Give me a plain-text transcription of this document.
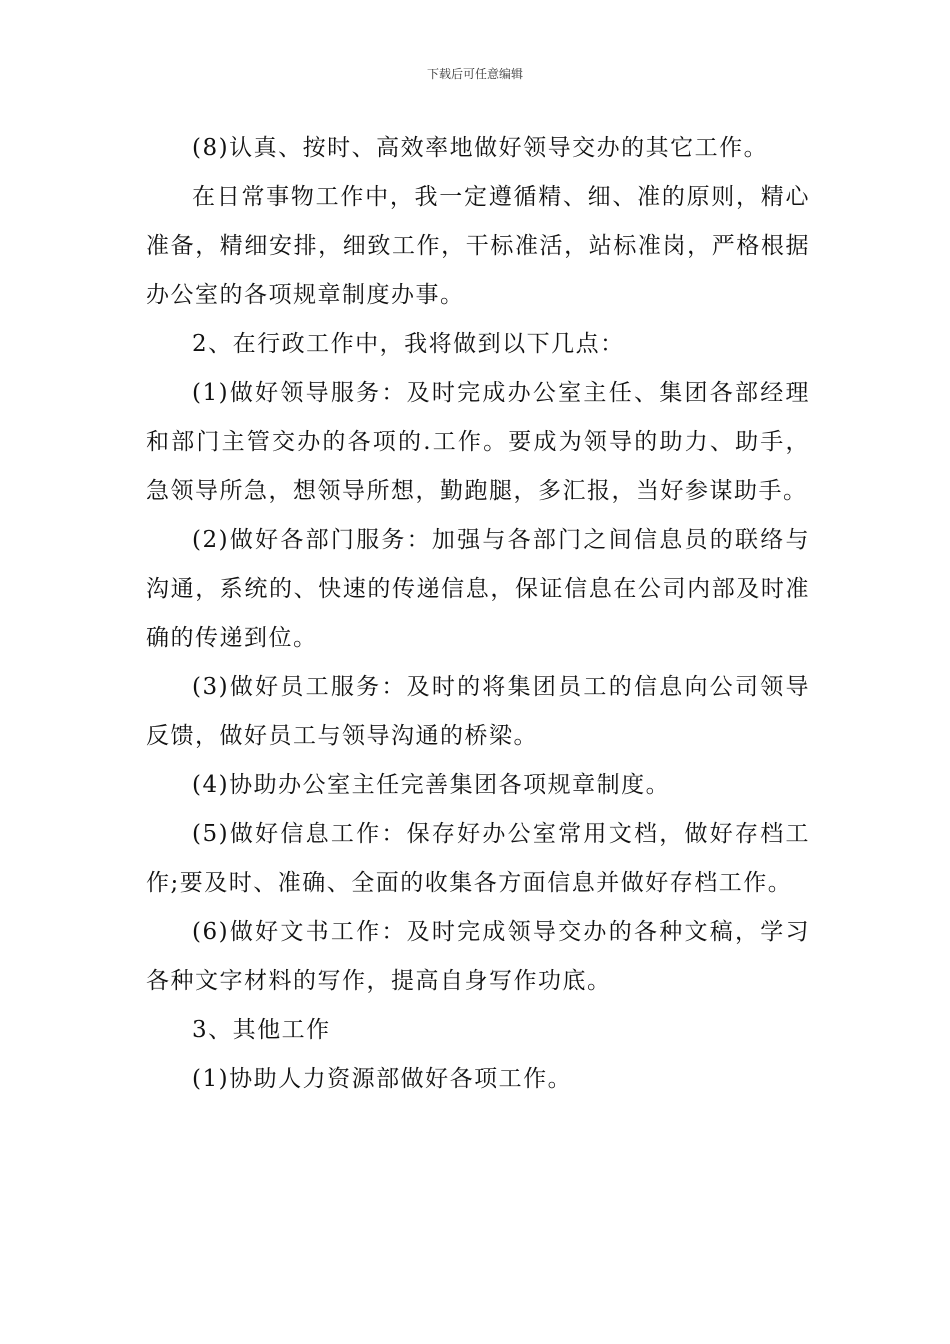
下载后可任意编辑

(8)认真、按时、高效率地做好领导交办的其它工作。

在日常事物工作中，我一定遵循精、细、准的原则，精心准备，精细安排，细致工作，干标准活，站标准岗，严格根据办公室的各项规章制度办事。

2、在行政工作中，我将做到以下几点：

(1)做好领导服务：及时完成办公室主任、集团各部经理和部门主管交办的各项的.工作。要成为领导的助力、助手，急领导所急，想领导所想，勤跑腿，多汇报，当好参谋助手。

(2)做好各部门服务：加强与各部门之间信息员的联络与沟通，系统的、快速的传递信息，保证信息在公司内部及时准确的传递到位。

(3)做好员工服务：及时的将集团员工的信息向公司领导反馈，做好员工与领导沟通的桥梁。

(4)协助办公室主任完善集团各项规章制度。

(5)做好信息工作：保存好办公室常用文档，做好存档工作;要及时、准确、全面的收集各方面信息并做好存档工作。

(6)做好文书工作：及时完成领导交办的各种文稿，学习各种文字材料的写作，提高自身写作功底。

3、其他工作

(1)协助人力资源部做好各项工作。
